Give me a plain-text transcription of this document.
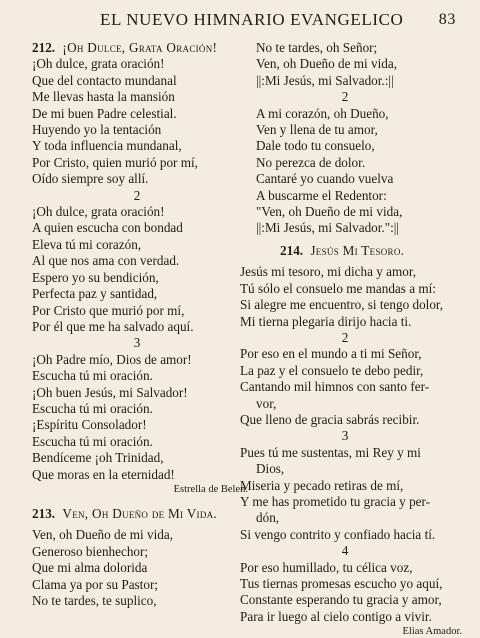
EL NUEVO HIMNARIO EVANGELICO 83
212. ¡Oh Dulce, Grata Oración!
¡Oh dulce, grata oración!
Que del contacto mundanal
Me llevas hasta la mansión
De mi buen Padre celestial.
Huyendo yo la tentación
Y toda influencia mundanal,
Por Cristo, quien murió por mí,
Oído siempre soy allí.
2
¡Oh dulce, grata oración!
A quien escucha con bondad
Eleva tú mi corazón,
Al que nos ama con verdad.
Espero yo su bendición,
Perfecta paz y santidad,
Por Cristo que murió por mí,
Por él que me ha salvado aquí.
3
¡Oh Padre mío, Dios de amor!
Escucha tú mi oración.
¡Oh buen Jesús, mi Salvador!
Escucha tú mi oración.
¡Espíritu Consolador!
Escucha tú mi oración.
Bendíceme ¡oh Trinidad,
Que moras en la eternidad!
Estrella de Belen.
213. Ven, Oh Dueño de Mi Vida.
Ven, oh Dueño de mi vida,
Generoso bienhechor;
Que mi alma dolorida
Clama ya por su Pastor;
No te tardes, te suplico,
No te tardes, oh Señor;
Ven, oh Dueño de mi vida,
||:Mi Jesús, mi Salvador.:||
2
A mi corazón, oh Dueño,
Ven y llena de tu amor,
Dale todo tu consuelo,
No perezca de dolor.
Cantaré yo cuando vuelva
A buscarme el Redentor:
"Ven, oh Dueño de mi vida,
||:Mi Jesús, mi Salvador.":||
214. Jesús Mi Tesoro.
Jesús mi tesoro, mi dicha y amor,
Tú sólo el consuelo me mandas a mí:
Si alegre me encuentro, si tengo dolor,
Mi tierna plegaria dirijo hacia ti.
2
Por eso en el mundo a ti mi Señor,
La paz y el consuelo te debo pedir,
Cantando mil himnos con santo fer-
vor,
Que lleno de gracia sabrás recibir.
3
Pues tú me sustentas, mi Rey y mi
Dios,
Miseria y pecado retiras de mí,
Y me has prometido tu gracia y per-
dón,
Si vengo contrito y confiado hacia tí.
4
Por eso humillado, tu célica voz,
Tus tiernas promesas escucho yo aquí,
Constante esperando tu gracia y amor,
Para ir luego al cielo contigo a vivir.
Elias Amador.
